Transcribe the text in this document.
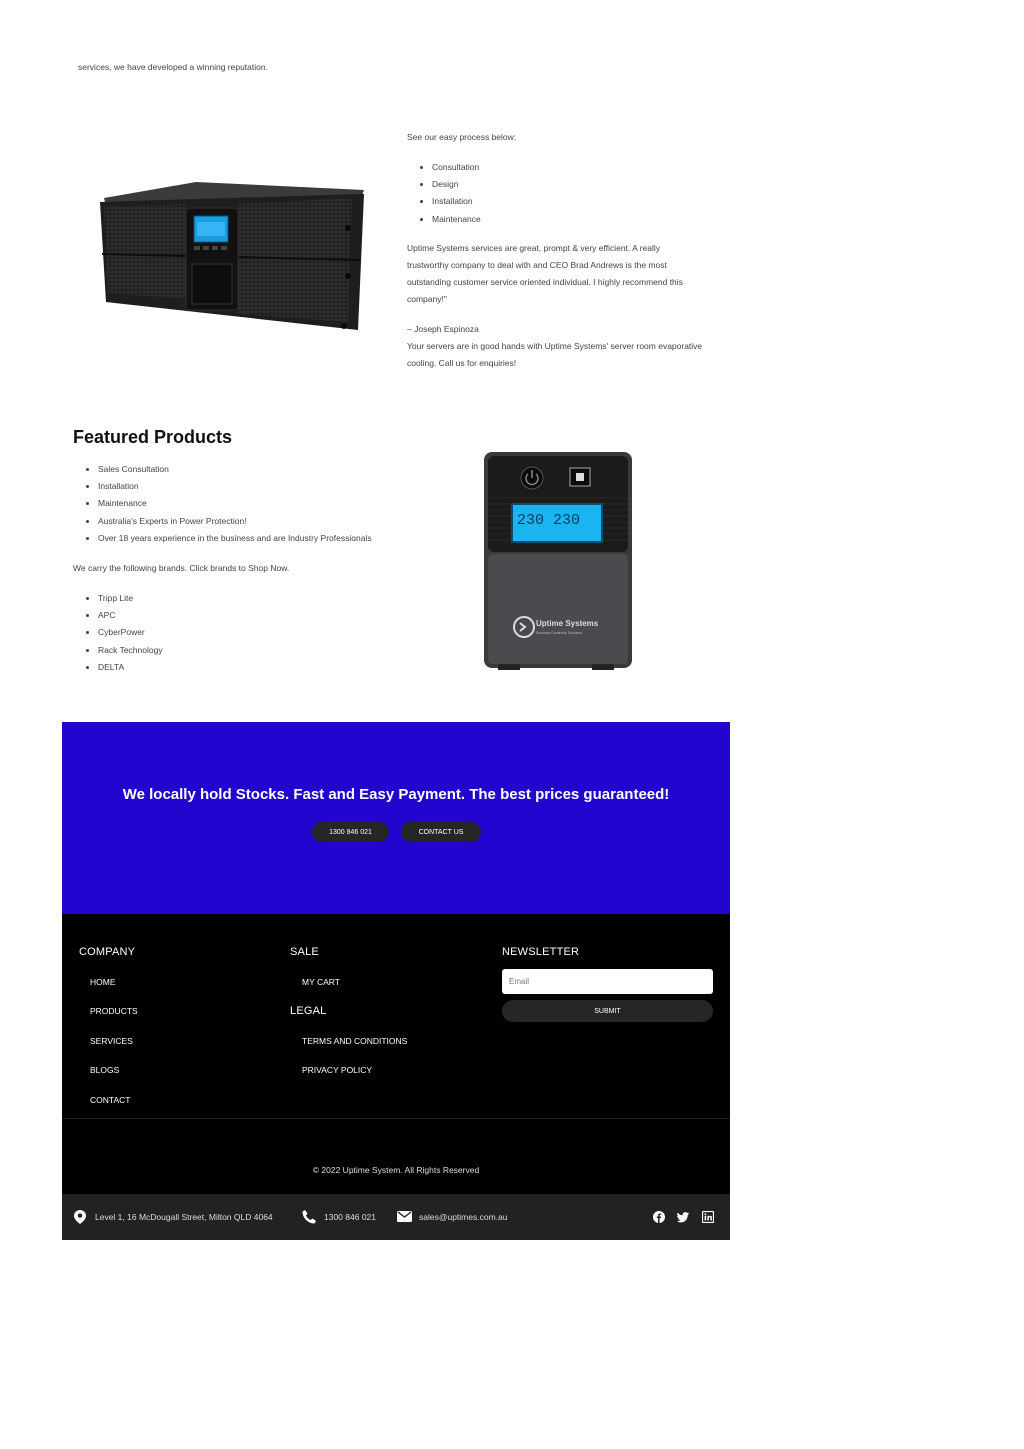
services, we have developed a winning reputation.
See our easy process below:
• Consultation
• Design
• Installation
• Maintenance

Uptime Systems services are great, prompt & very efficient. A really

trustworthy company to deal with and CEO Brad Andrews is the most

outstanding customer service oriented individual. I highly recommend this

company!"

– Joseph Espinoza

Your servers are in good hands with Uptime Systems' server room evaporative

cooling. Call us for enquiries!

Featured Products
• Sales Consultation
• Installation
• Maintenance
• Australia's Experts in Power Protection!
• Over 18 years experience in the business and are Industry Professionals
We carry the following brands. Click brands to Shop Now.
• Tripp Lite
• APC
• CyberPower
• Rack Technology
• DELTA
230 230
Uptime Systems
Business Continuity Solutions
We locally hold Stocks. Fast and Easy Payment. The best prices guaranteed!
1300 846 021	CONTACT US
COMPANY
HOME
PRODUCTS
SERVICES
BLOGS
CONTACT
SALE
MY CART
LEGAL
TERMS AND CONDITIONS
PRIVACY POLICY
NEWSLETTER
Email
SUBMIT
© 2022 Uptime System. All Rights Reserved
Level 1, 16 McDougall Street, Milton QLD 4064	1300 846 021	sales@uptimes.com.au
